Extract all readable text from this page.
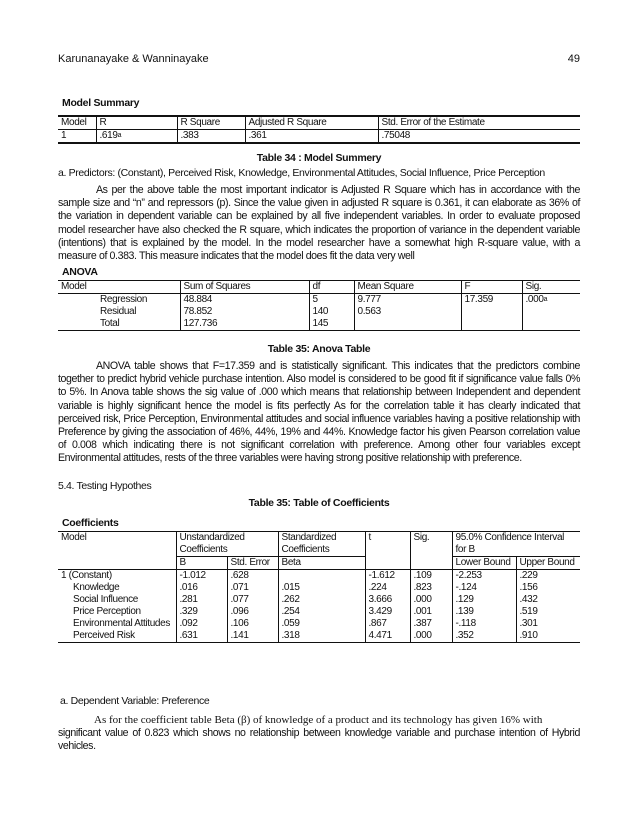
Karunanayake & Wanninayake	49
Model Summary
Model	R	R Square	Adjusted R Square	Std. Error of the Estimate
1	.619$^a$	.383	.361	.75048
Table 34 : Model Summery
a. Predictors: (Constant), Perceived Risk, Knowledge, Environmental Attitudes, Social Influence, Price Perception
As per the above table the most important indicator is Adjusted R Square which has in accordance with the sample size and “n” and repressors (p). Since the value given in adjusted R square is 0.361, it can elaborate as 36% of the variation in dependent variable can be explained by all five independent variables. In order to evaluate proposed model researcher have also checked the R square, which indicates the proportion of variance in the dependent variable (intentions) that is explained by the model. In the model researcher have a somewhat high R-square value, with a measure of 0.383. This measure indicates that the model does fit the data very well
ANOVA
Model	Sum of Squares	df	Mean Square	F	Sig.
Regression	48.884	5	9.777	17.359	.000$^a$
Residual	78.852	140	0.563		
Total	127.736	145			
Table 35: Anova Table
ANOVA table shows that F=17.359 and is statistically significant. This indicates that the predictors combine together to predict hybrid vehicle purchase intention. Also model is considered to be good fit if significance value falls 0% to 5%. In Anova table shows the sig value of .000 which means that relationship between Independent and dependent variable is highly significant hence the model is fits perfectly As for the correlation table it has clearly indicated that perceived risk, Price Perception, Environmental attitudes and social influence variables having a positive relationship with Preference by giving the association of 46%, 44%, 19% and 44%. Knowledge factor his given Pearson correlation value of 0.008 which indicating there is not significant correlation with preference. Among other four variables except Environmental attitudes, rests of the three variables were having strong positive relationship with preference.
5.4. Testing Hypothes
Table 35: Table of Coefficients
Coefficients
Model	Unstandardized Coefficients		Standardized Coefficients	t	Sig.	95.0% Confidence Interval for B	
	B	Std. Error	Beta			Lower Bound	Upper Bound
1 (Constant)	-1.012	.628		-1.612	.109	-2.253	.229
Knowledge	.016	.071	.015	.224	.823	-.124	.156
Social Influence	.281	.077	.262	3.666	.000	.129	.432
Price Perception	.329	.096	.254	3.429	.001	.139	.519
Environmental Attitudes	.092	.106	.059	.867	.387	-.118	.301
Perceived Risk	.631	.141	.318	4.471	.000	.352	.910
a. Dependent Variable: Preference
As for the coefficient table Beta (β) of knowledge of a product and its technology has given 16% with
significant value of 0.823 which shows no relationship between knowledge variable and purchase intention of Hybrid vehicles.
